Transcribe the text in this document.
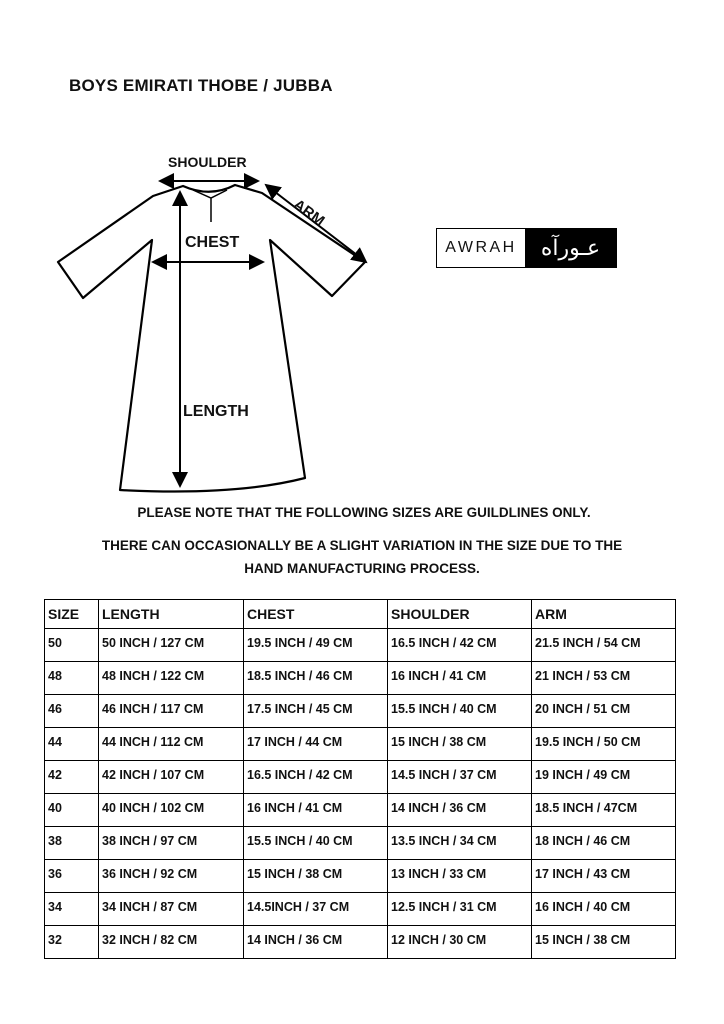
BOYS EMIRATI THOBE / JUBBA
SHOULDER
ARM
CHEST
LENGTH
AWRAH	عـورآه
PLEASE NOTE THAT THE FOLLOWING SIZES ARE GUILDLINES ONLY.
THERE CAN OCCASIONALLY BE A SLIGHT VARIATION IN THE SIZE DUE TO THE
HAND MANUFACTURING PROCESS.
SIZE	LENGTH	CHEST	SHOULDER	ARM
50	50 INCH / 127 CM	19.5 INCH / 49 CM	16.5 INCH / 42 CM	21.5 INCH / 54 CM
48	48 INCH / 122 CM	18.5 INCH / 46 CM	16 INCH / 41 CM	21 INCH / 53 CM
46	46 INCH / 117 CM	17.5 INCH / 45 CM	15.5 INCH / 40 CM	20 INCH / 51 CM
44	44 INCH / 112 CM	17 INCH / 44 CM	15 INCH / 38 CM	19.5 INCH / 50 CM
42	42 INCH / 107 CM	16.5 INCH / 42 CM	14.5 INCH / 37 CM	19 INCH / 49 CM
40	40 INCH / 102 CM	16 INCH / 41 CM	14 INCH / 36 CM	18.5 INCH / 47CM
38	38 INCH / 97 CM	15.5 INCH / 40 CM	13.5 INCH / 34 CM	18 INCH / 46 CM
36	36 INCH / 92 CM	15 INCH / 38 CM	13 INCH / 33 CM	17 INCH / 43 CM
34	34 INCH / 87 CM	14.5INCH / 37 CM	12.5 INCH / 31 CM	16 INCH / 40 CM
32	32 INCH / 82 CM	14 INCH / 36 CM	12 INCH / 30 CM	15 INCH / 38 CM
